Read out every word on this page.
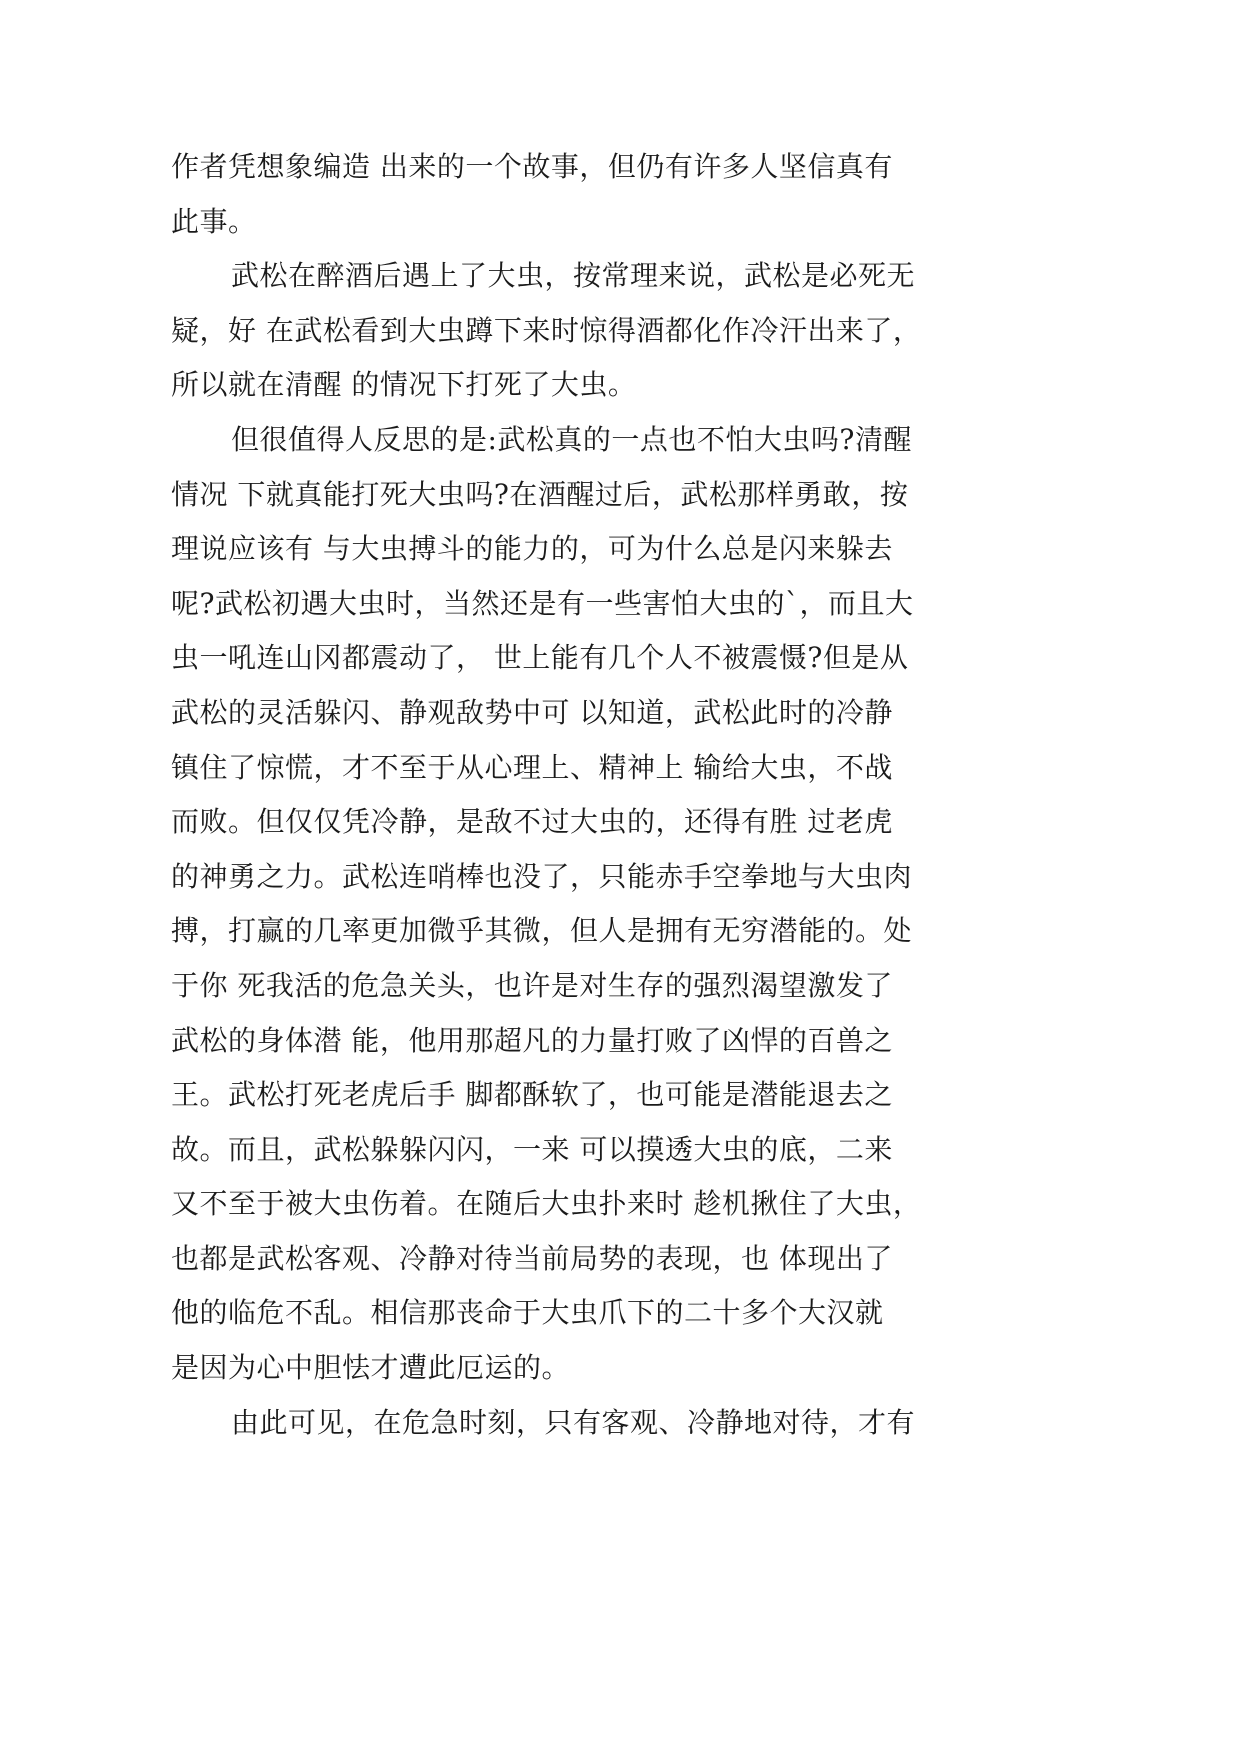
作者凭想象编造 出来的一个故事，但仍有许多人坚信真有
此事。
武松在醉酒后遇上了大虫，按常理来说，武松是必死无
疑，好 在武松看到大虫蹲下来时惊得酒都化作冷汗出来了，
所以就在清醒 的情况下打死了大虫。
但很值得人反思的是:武松真的一点也不怕大虫吗?清醒
情况 下就真能打死大虫吗?在酒醒过后，武松那样勇敢，按
理说应该有 与大虫搏斗的能力的，可为什么总是闪来躲去
呢?武松初遇大虫时，当然还是有一些害怕大虫的`，而且大
虫一吼连山冈都震动了， 世上能有几个人不被震慑?但是从
武松的灵活躲闪、静观敌势中可 以知道，武松此时的冷静
镇住了惊慌，才不至于从心理上、精神上 输给大虫，不战
而败。但仅仅凭冷静，是敌不过大虫的，还得有胜 过老虎
的神勇之力。武松连哨棒也没了，只能赤手空拳地与大虫肉
搏，打赢的几率更加微乎其微，但人是拥有无穷潜能的。处
于你 死我活的危急关头，也许是对生存的强烈渴望激发了
武松的身体潜 能，他用那超凡的力量打败了凶悍的百兽之
王。武松打死老虎后手 脚都酥软了，也可能是潜能退去之
故。而且，武松躲躲闪闪，一来 可以摸透大虫的底，二来
又不至于被大虫伤着。在随后大虫扑来时 趁机揪住了大虫，
也都是武松客观、冷静对待当前局势的表现，也 体现出了
他的临危不乱。相信那丧命于大虫爪下的二十多个大汉就
是因为心中胆怯才遭此厄运的。
由此可见，在危急时刻，只有客观、冷静地对待，才有
